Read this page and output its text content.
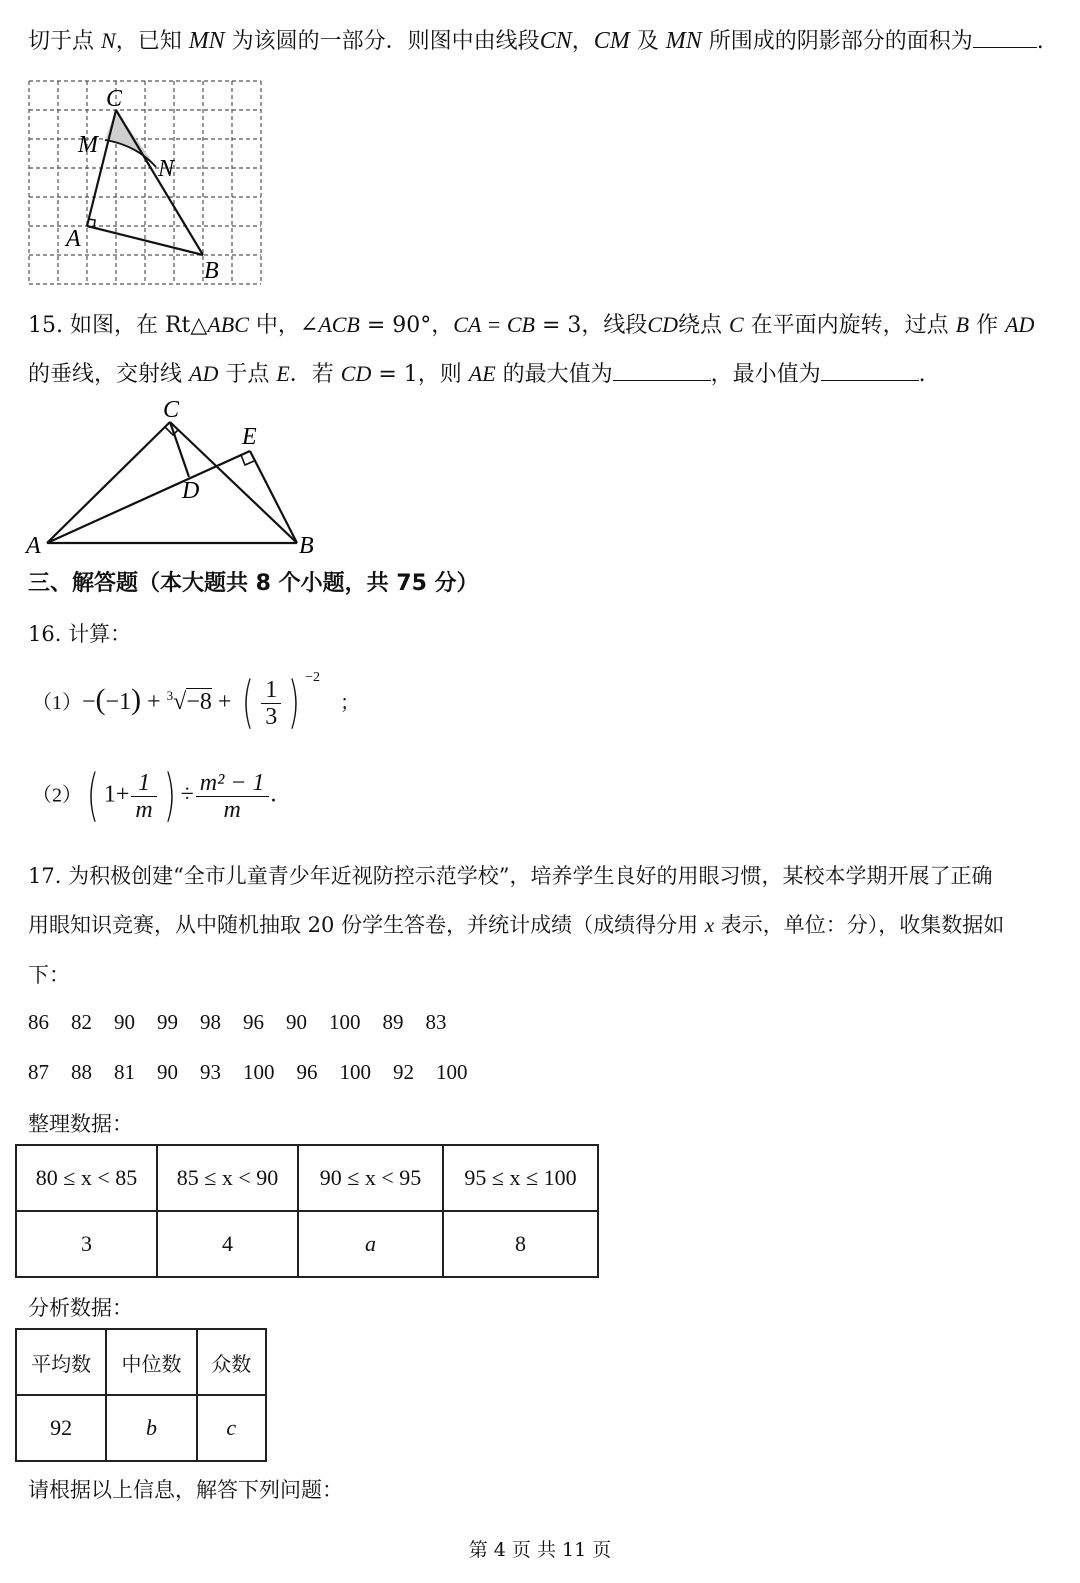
切于点 N，已知 MN 为该圆的一部分．则图中由线段CN，CM 及 MN 所围成的阴影部分的面积为	.
C
M
N
A
B
15. 如图，在 Rt△ABC 中，∠ACB = 90°，CA = CB = 3，线段CD绕点 C 在平面内旋转，过点 B 作 AD
的垂线，交射线 AD 于点 E．若 CD = 1，则 AE 的最大值为	，最小值为	.
C
E
D
A	B
三、解答题（本大题共 8 个小题，共 75 分）
16. 计算：
（1）−(−1) + $^3$√−8 + ( $\frac{1}{3}$ ) $^{-2}$；
（2）( $1+ \frac{1}{m}$ ) ÷ $\frac{\text{m² − 1}}{m}$ .
17. 为积极创建“全市儿童青少年近视防控示范学校”，培养学生良好的用眼习惯，某校本学期开展了正确
用眼知识竞赛，从中随机抽取 20 份学生答卷，并统计成绩（成绩得分用 x 表示，单位：分），收集数据如
下：
86 82 90 99 98 96 90 100 89 83
87 88 81 90 93 100 96 100 92 100
整理数据：
80 ≤ x < 85	85 ≤ x < 90	90 ≤ x < 95	95 ≤ x ≤ 100
3	4	a	8
分析数据：
平均数	中位数	众数
92	b	c
请根据以上信息，解答下列问题：
第 4 页 共 11 页
